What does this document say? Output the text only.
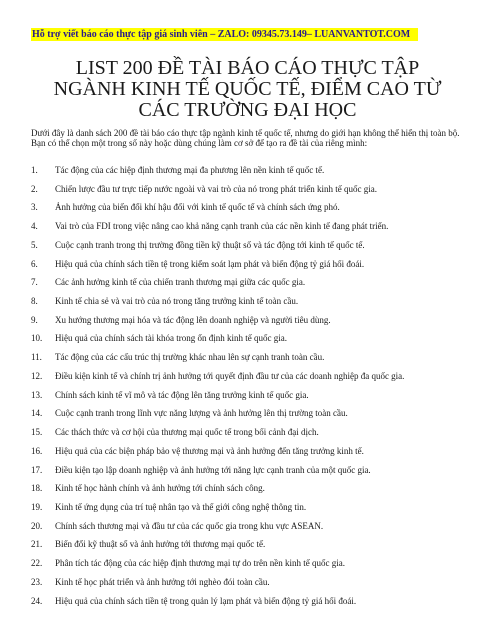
Hỗ trợ viết báo cáo thực tập giá sinh viên – ZALO: 09345.73.149– LUANVANTOT.COM
LIST 200 ĐỀ TÀI BÁO CÁO THỰC TẬP
NGÀNH KINH TẾ QUỐC TẾ, ĐIỂM CAO TỪ
CÁC TRƯỜNG ĐẠI HỌC

Dưới đây là danh sách 200 đề tài báo cáo thực tập ngành kinh tế quốc tế, nhưng do giới hạn không thể hiển thị toàn bộ. Bạn có thể chọn một trong số này hoặc dùng chúng làm cơ sở để tạo ra đề tài của riêng mình:

1.	Tác động của các hiệp định thương mại đa phương lên nền kinh tế quốc tế.
2.	Chiến lược đầu tư trực tiếp nước ngoài và vai trò của nó trong phát triển kinh tế quốc gia.
3.	Ảnh hưởng của biến đổi khí hậu đối với kinh tế quốc tế và chính sách ứng phó.
4.	Vai trò của FDI trong việc nâng cao khả năng cạnh tranh của các nền kinh tế đang phát triển.
5.	Cuộc cạnh tranh trong thị trường đồng tiền kỹ thuật số và tác động tới kinh tế quốc tế.
6.	Hiệu quả của chính sách tiền tệ trong kiểm soát lạm phát và biến động tỷ giá hối đoái.
7.	Các ảnh hưởng kinh tế của chiến tranh thương mại giữa các quốc gia.
8.	Kinh tế chia sẻ và vai trò của nó trong tăng trưởng kinh tế toàn cầu.
9.	Xu hướng thương mại hóa và tác động lên doanh nghiệp và người tiêu dùng.
10.	Hiệu quả của chính sách tài khóa trong ổn định kinh tế quốc gia.
11.	Tác động của các cấu trúc thị trường khác nhau lên sự cạnh tranh toàn cầu.
12.	Điều kiện kinh tế và chính trị ảnh hưởng tới quyết định đầu tư của các doanh nghiệp đa quốc gia.
13.	Chính sách kinh tế vĩ mô và tác động lên tăng trưởng kinh tế quốc gia.
14.	Cuộc cạnh tranh trong lĩnh vực năng lượng và ảnh hưởng lên thị trường toàn cầu.
15.	Các thách thức và cơ hội của thương mại quốc tế trong bối cảnh đại dịch.
16.	Hiệu quả của các biện pháp bảo vệ thương mại và ảnh hưởng đến tăng trưởng kinh tế.
17.	Điều kiện tạo lập doanh nghiệp và ảnh hưởng tới năng lực cạnh tranh của một quốc gia.
18.	Kinh tế học hành chính và ảnh hưởng tới chính sách công.
19.	Kinh tế ứng dụng của trí tuệ nhân tạo và thế giới công nghệ thông tin.
20.	Chính sách thương mại và đầu tư của các quốc gia trong khu vực ASEAN.
21.	Biến đổi kỹ thuật số và ảnh hưởng tới thương mại quốc tế.
22.	Phân tích tác động của các hiệp định thương mại tự do trên nền kinh tế quốc gia.
23.	Kinh tế học phát triển và ảnh hưởng tới nghèo đói toàn cầu.
24.	Hiệu quả của chính sách tiền tệ trong quản lý lạm phát và biến động tỷ giá hối đoái.
